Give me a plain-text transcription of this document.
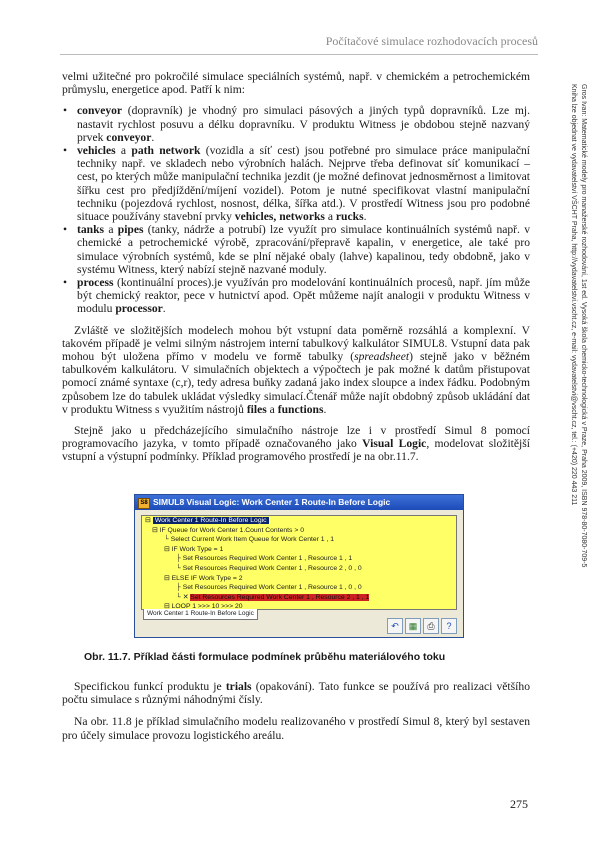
Počítačové simulace rozhodovacích procesů
Gros Ivan: Matematické modely pro manažerské rozhodování, 1st ed. Vysoká škola chemicko-technologická v Praze, Praha 2009, ISBN 978-80-7080-709-5
Kniha lze objednat ve vydavatelství VŠCHT Praha, http://vydavatelstvi.vscht.cz, e-mail: vydavatelstvi@vscht.cz, tel.: (+420) 220 443 211

velmi užitečné pro pokročilé simulace speciálních systémů, např. v chemickém a petrochemickém průmyslu, energetice apod. Patří k nim:

• conveyor (dopravník) je vhodný pro simulaci pásových a jiných typů dopravníků. Lze mj. nastavit rychlost posuvu a délku dopravníku. V produktu Witness je obdobou stejně nazvaný prvek conveyor.
• vehicles a path network (vozidla a síť cest) jsou potřebné pro simulace práce manipulační techniky např. ve skladech nebo výrobních halách. Nejprve třeba definovat síť komunikací – cest, po kterých může manipulační technika jezdit (je možné definovat jednosměrnost a limitovat šířku cest pro předjíždění/míjení vozidel). Potom je nutné specifikovat vlastní manipulační techniku (pojezdová rychlost, nosnost, délka, šířka atd.). V prostředí Witness jsou pro podobné situace používány stavební prvky vehicles, networks a rucks.
• tanks a pipes (tanky, nádrže a potrubí) lze využít pro simulace kontinuálních systémů např. v chemické a petrochemické výrobě, zpracování/přepravě kapalin, v energetice, ale také pro simulace výrobních systémů, kde se plní nějaké obaly (lahve) kapalinou, tedy obdobně, jako v systému Witness, který nabízí stejně nazvané moduly.
• process (kontinuální proces).je využíván pro modelování kontinuálních procesů, např. jím může být chemický reaktor, pece v hutnictví apod. Opět můžeme najít analogii v produktu Witness v modulu processor.

Zvláště ve složitějších modelech mohou být vstupní data poměrně rozsáhlá a komplexní. V takovém případě je velmi silným nástrojem interní tabulkový kalkulátor SIMUL8. Vstupní data pak mohou být uložena přímo v modelu ve formě tabulky (spreadsheet) stejně jako v běžném tabulkovém kalkulátoru. V simulačních objektech a výpočtech je pak možné k datům přistupovat pomocí známé syntaxe (c,r), tedy adresa buňky zadaná jako index sloupce a index řádku. Podobným způsobem lze do tabulek ukládat výsledky simulací.Čtenář může najít obdobný způsob ukládání dat v produktu Witness s využitím nástrojů files a functions.

Stejně jako u předcházejícího simulačního nástroje lze i v prostředí Simul 8 pomocí programovacího jazyka, v tomto případě označovaného jako Visual Logic, modelovat složitější vstupní a výstupní podmínky. Příklad programového prostředí je na obr.11.7.

S8 SIMUL8 Visual Logic: Work Center 1 Route-In Before Logic
⊟ Work Center 1 Route-In Before Logic
⊟ IF Queue for Work Center 1.Count Contents > 0
└ Select Current Work Item Queue for Work Center 1 , 1
⊟ IF Work Type = 1
├ Set Resources Required Work Center 1 , Resource 1 , 1
└ Set Resources Required Work Center 1 , Resource 2 , 0 , 0
⊟ ELSE IF Work Type = 2
├ Set Resources Required Work Center 1 , Resource 1 , 0 , 0
└ ✕ Set Resources Required Work Center 1 , Resource 2 , 1 , 1
⊟ LOOP 1 >>> 10 >>> 20
Work Center 1 Route-In Before Logic
↶	▦	⎙	?
Obr. 11.7. Příklad části formulace podmínek průběhu materiálového toku

Specifickou funkcí produktu je trials (opakování). Tato funkce se používá pro realizaci většího počtu simulace s různými náhodnými čísly.

Na obr. 11.8 je příklad simulačního modelu realizovaného v prostředí Simul 8, který byl sestaven pro účely simulace provozu logistického areálu.

275
